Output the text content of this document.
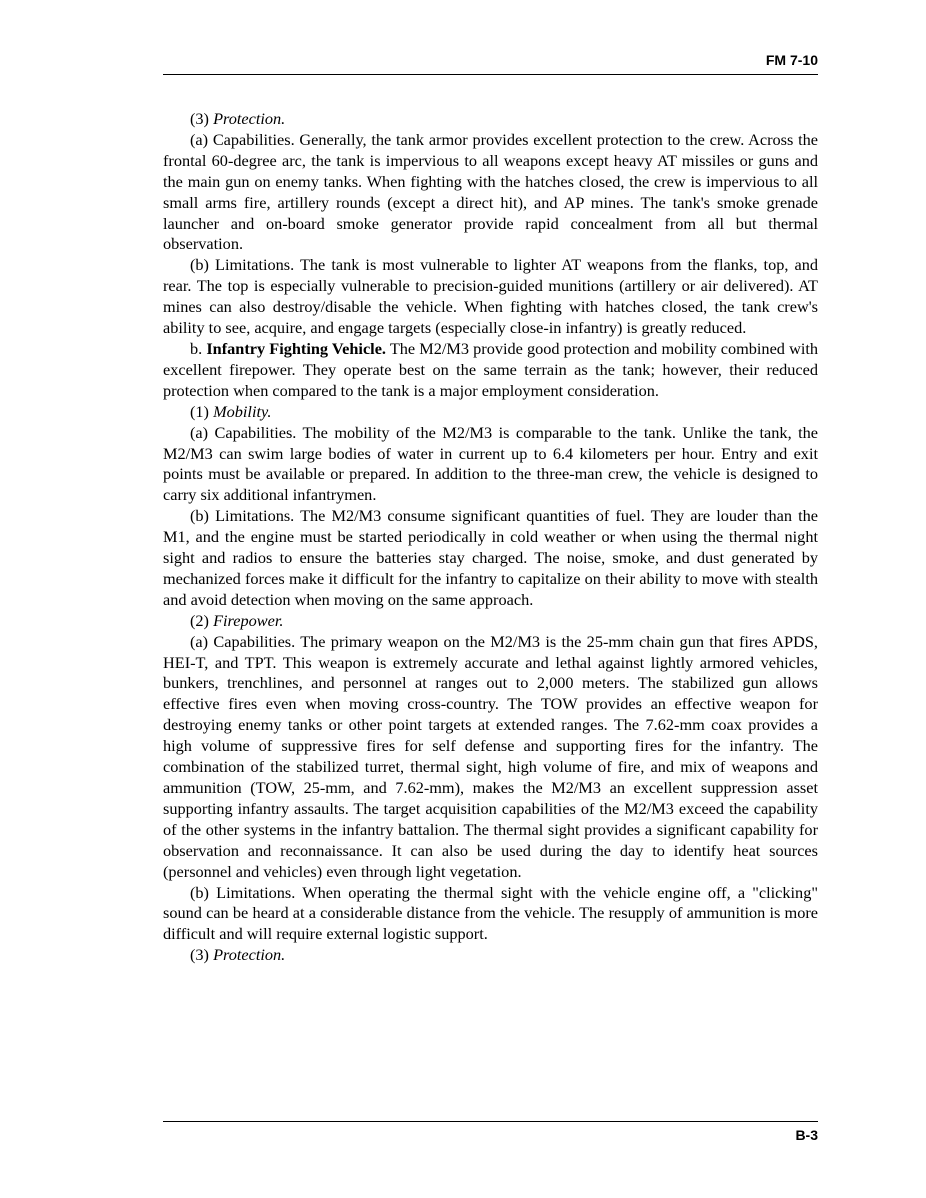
FM 7-10

(3) Protection.

(a) Capabilities. Generally, the tank armor provides excellent protection to the crew. Across the frontal 60-degree arc, the tank is impervious to all weapons except heavy AT missiles or guns and the main gun on enemy tanks. When fighting with the hatches closed, the crew is impervious to all small arms fire, artillery rounds (except a direct hit), and AP mines. The tank's smoke grenade launcher and on-board smoke generator provide rapid concealment from all but thermal observation.

(b) Limitations. The tank is most vulnerable to lighter AT weapons from the flanks, top, and rear. The top is especially vulnerable to precision-guided munitions (artillery or air delivered). AT mines can also destroy/disable the vehicle. When fighting with hatches closed, the tank crew's ability to see, acquire, and engage targets (especially close-in infantry) is greatly reduced.

b. Infantry Fighting Vehicle. The M2/M3 provide good protection and mobility combined with excellent firepower. They operate best on the same terrain as the tank; however, their reduced protection when compared to the tank is a major employment consideration.

(1) Mobility.

(a) Capabilities. The mobility of the M2/M3 is comparable to the tank. Unlike the tank, the M2/M3 can swim large bodies of water in current up to 6.4 kilometers per hour. Entry and exit points must be available or prepared. In addition to the three-man crew, the vehicle is designed to carry six additional infantrymen.

(b) Limitations. The M2/M3 consume significant quantities of fuel. They are louder than the M1, and the engine must be started periodically in cold weather or when using the thermal night sight and radios to ensure the batteries stay charged. The noise, smoke, and dust generated by mechanized forces make it difficult for the infantry to capitalize on their ability to move with stealth and avoid detection when moving on the same approach.

(2) Firepower.

(a) Capabilities. The primary weapon on the M2/M3 is the 25-mm chain gun that fires APDS, HEI-T, and TPT. This weapon is extremely accurate and lethal against lightly armored vehicles, bunkers, trenchlines, and personnel at ranges out to 2,000 meters. The stabilized gun allows effective fires even when moving cross-country. The TOW provides an effective weapon for destroying enemy tanks or other point targets at extended ranges. The 7.62-mm coax provides a high volume of suppressive fires for self defense and supporting fires for the infantry. The combination of the stabilized turret, thermal sight, high volume of fire, and mix of weapons and ammunition (TOW, 25-mm, and 7.62-mm), makes the M2/M3 an excellent suppression asset supporting infantry assaults. The target acquisition capabilities of the M2/M3 exceed the capability of the other systems in the infantry battalion. The thermal sight provides a significant capability for observation and reconnaissance. It can also be used during the day to identify heat sources (personnel and vehicles) even through light vegetation.

(b) Limitations. When operating the thermal sight with the vehicle engine off, a "clicking" sound can be heard at a considerable distance from the vehicle. The resupply of ammunition is more difficult and will require external logistic support.

(3) Protection.

B-3
